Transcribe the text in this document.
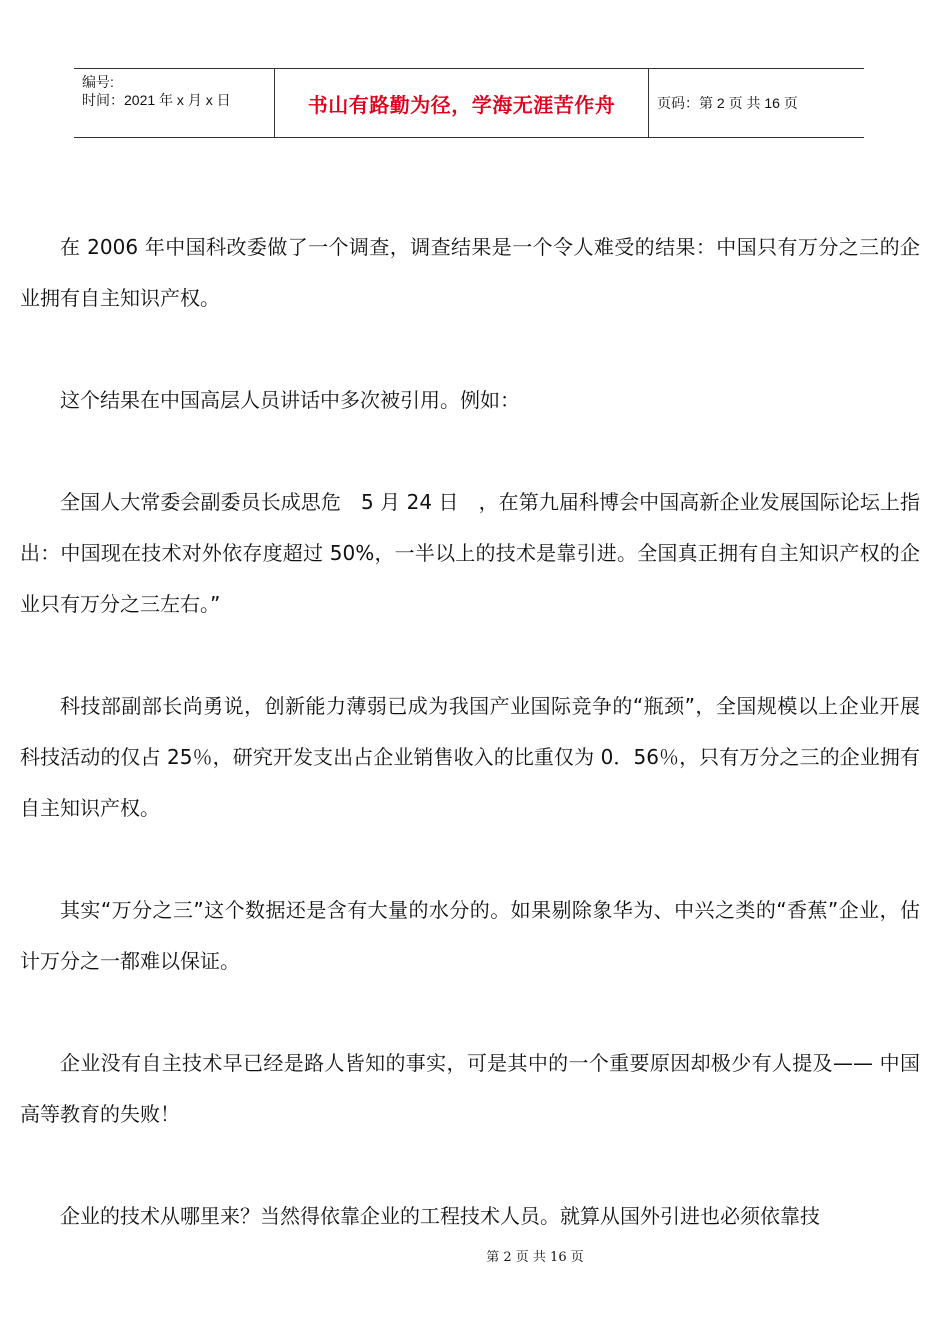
编号:
时间：2021 年 x 月 x 日	书山有路勤为径，学海无涯苦作舟	页码：第 2 页 共 16 页

在 2006 年中国科改委做了一个调查，调查结果是一个令人难受的结果：中国只有万分之三的企业拥有自主知识产权。

这个结果在中国高层人员讲话中多次被引用。例如：

全国人大常委会副委员长成思危　5 月 24 日　，在第九届科博会中国高新企业发展国际论坛上指出：中国现在技术对外依存度超过 50%，一半以上的技术是靠引进。全国真正拥有自主知识产权的企业只有万分之三左右。”

科技部副部长尚勇说，创新能力薄弱已成为我国产业国际竞争的“瓶颈”，全国规模以上企业开展科技活动的仅占 25％，研究开发支出占企业销售收入的比重仅为 0．56％，只有万分之三的企业拥有自主知识产权。

其实“万分之三”这个数据还是含有大量的水分的。如果剔除象华为、中兴之类的“香蕉”企业，估计万分之一都难以保证。

企业没有自主技术早已经是路人皆知的事实，可是其中的一个重要原因却极少有人提及—— 中国高等教育的失败！

企业的技术从哪里来？当然得依靠企业的工程技术人员。就算从国外引进也必须依靠技

第 2 页 共 16 页
